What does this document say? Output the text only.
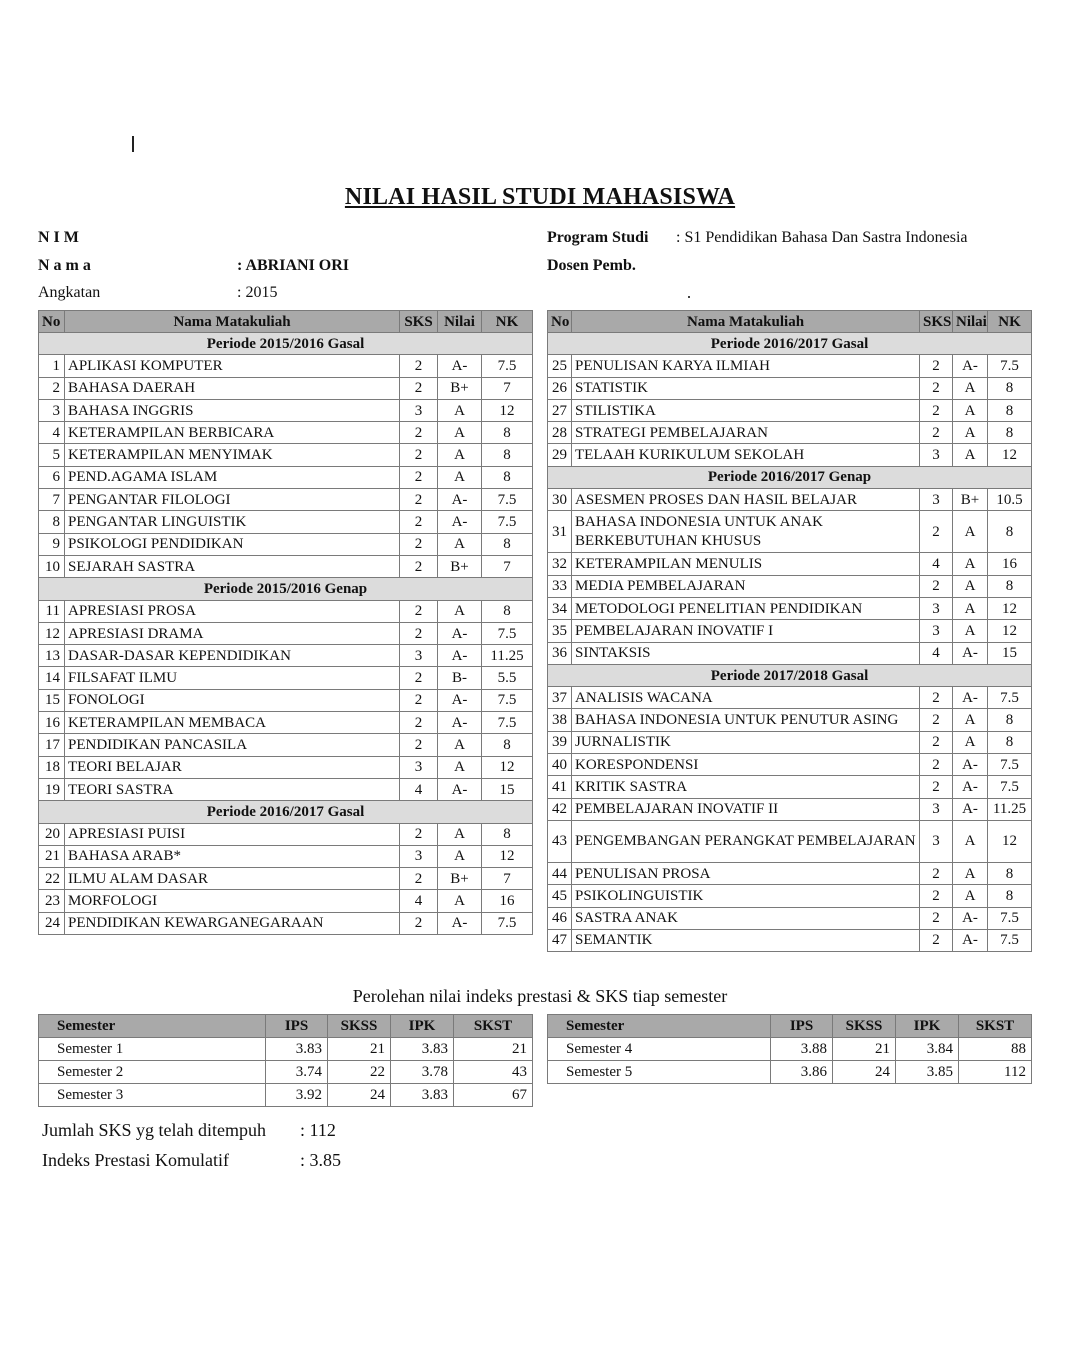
NILAI HASIL STUDI MAHASISWA
N I M
N a m a	: ABRIANI ORI
Angkatan	: 2015
Program Studi : S1 Pendidikan Bahasa Dan Sastra Indonesia
Dosen Pemb.
No	Nama Matakuliah	SKS	Nilai	NK
Periode 2015/2016 Gasal				
1	APLIKASI KOMPUTER	2	A-	7.5
2	BAHASA DAERAH	2	B+	7
3	BAHASA INGGRIS	3	A	12
4	KETERAMPILAN BERBICARA	2	A	8
5	KETERAMPILAN MENYIMAK	2	A	8
6	PEND.AGAMA ISLAM	2	A	8
7	PENGANTAR FILOLOGI	2	A-	7.5
8	PENGANTAR LINGUISTIK	2	A-	7.5
9	PSIKOLOGI PENDIDIKAN	2	A	8
10	SEJARAH SASTRA	2	B+	7
Periode 2015/2016 Genap				
11	APRESIASI PROSA	2	A	8
12	APRESIASI DRAMA	2	A-	7.5
13	DASAR-DASAR KEPENDIDIKAN	3	A-	11.25
14	FILSAFAT ILMU	2	B-	5.5
15	FONOLOGI	2	A-	7.5
16	KETERAMPILAN MEMBACA	2	A-	7.5
17	PENDIDIKAN PANCASILA	2	A	8
18	TEORI BELAJAR	3	A	12
19	TEORI SASTRA	4	A-	15
Periode 2016/2017 Gasal				
20	APRESIASI PUISI	2	A	8
21	BAHASA ARAB*	3	A	12
22	ILMU ALAM DASAR	2	B+	7
23	MORFOLOGI	4	A	16
24	PENDIDIKAN KEWARGANEGARAAN	2	A-	7.5
No	Nama Matakuliah	SKS	Nilai	NK
Periode 2016/2017 Gasal				
25	PENULISAN KARYA ILMIAH	2	A-	7.5
26	STATISTIK	2	A	8
27	STILISTIKA	2	A	8
28	STRATEGI PEMBELAJARAN	2	A	8
29	TELAAH KURIKULUM SEKOLAH	3	A	12
Periode 2016/2017 Genap				
30	ASESMEN PROSES DAN HASIL BELAJAR	3	B+	10.5
31	BAHASA INDONESIA UNTUK ANAK BERKEBUTUHAN KHUSUS	2	A	8
32	KETERAMPILAN MENULIS	4	A	16
33	MEDIA PEMBELAJARAN	2	A	8
34	METODOLOGI PENELITIAN PENDIDIKAN	3	A	12
35	PEMBELAJARAN INOVATIF I	3	A	12
36	SINTAKSIS	4	A-	15
Periode 2017/2018 Gasal				
37	ANALISIS WACANA	2	A-	7.5
38	BAHASA INDONESIA UNTUK PENUTUR ASING	2	A	8
39	JURNALISTIK	2	A	8
40	KORESPONDENSI	2	A-	7.5
41	KRITIK SASTRA	2	A-	7.5
42	PEMBELAJARAN INOVATIF II	3	A-	11.25
43	PENGEMBANGAN PERANGKAT PEMBELAJARAN	3	A	12
44	PENULISAN PROSA	2	A	8
45	PSIKOLINGUISTIK	2	A	8
46	SASTRA ANAK	2	A-	7.5
47	SEMANTIK	2	A-	7.5
Perolehan nilai indeks prestasi & SKS tiap semester
Semester	IPS	SKSS	IPK	SKST
Semester 1	3.83	21	3.83	21
Semester 2	3.74	22	3.78	43
Semester 3	3.92	24	3.83	67
Semester	IPS	SKSS	IPK	SKST
Semester 4	3.88	21	3.84	88
Semester 5	3.86	24	3.85	112
Jumlah SKS yg telah ditempuh : 112
Indeks Prestasi Komulatif	: 3.85
